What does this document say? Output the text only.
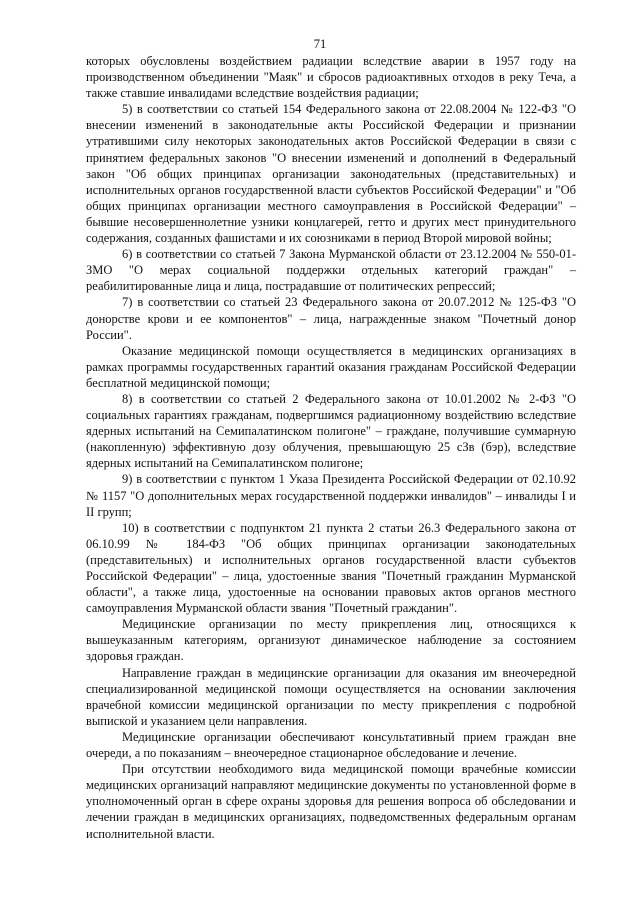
71

которых обусловлены воздействием радиации вследствие аварии в 1957 году на производственном объединении "Маяк" и сбросов радиоактивных отходов в реку Теча, а также ставшие инвалидами вследствие воздействия радиации;

5) в соответствии со статьей 154 Федерального закона от 22.08.2004 № 122-ФЗ "О внесении изменений в законодательные акты Российской Федерации и признании утратившими силу некоторых законодательных актов Российской Федерации в связи с принятием федеральных законов "О внесении изменений и дополнений в Федеральный закон "Об общих принципах организации законодательных (представительных) и исполнительных органов государственной власти субъектов Российской Федерации" и "Об общих принципах организации местного самоуправления в Российской Федерации" – бывшие несовершеннолетние узники концлагерей, гетто и других мест принудительного содержания, созданных фашистами и их союзниками в период Второй мировой войны;

6) в соответствии со статьей 7 Закона Мурманской области от 23.12.2004 № 550-01-ЗМО "О мерах социальной поддержки отдельных категорий граждан" – реабилитированные лица и лица, пострадавшие от политических репрессий;

7) в соответствии со статьей 23 Федерального закона от 20.07.2012 № 125-ФЗ "О донорстве крови и ее компонентов" – лица, награжденные знаком "Почетный донор России".

Оказание медицинской помощи осуществляется в медицинских организациях в рамках программы государственных гарантий оказания гражданам Российской Федерации бесплатной медицинской помощи;

8) в соответствии со статьей 2 Федерального закона от 10.01.2002 № 2-ФЗ "О социальных гарантиях гражданам, подвергшимся радиационному воздействию вследствие ядерных испытаний на Семипалатинском полигоне" – граждане, получившие суммарную (накопленную) эффективную дозу облучения, превышающую 25 сЗв (бэр), вследствие ядерных испытаний на Семипалатинском полигоне;

9) в соответствии с пунктом 1 Указа Президента Российской Федерации от 02.10.92 № 1157 "О дополнительных мерах государственной поддержки инвалидов" – инвалиды I и II групп;

10) в соответствии с подпунктом 21 пункта 2 статьи 26.3 Федерального закона от 06.10.99 № 184-ФЗ "Об общих принципах организации законодательных (представительных) и исполнительных органов государственной власти субъектов Российской Федерации" – лица, удостоенные звания "Почетный гражданин Мурманской области", а также лица, удостоенные на основании правовых актов органов местного самоуправления Мурманской области звания "Почетный гражданин".

Медицинские организации по месту прикрепления лиц, относящихся к вышеуказанным категориям, организуют динамическое наблюдение за состоянием здоровья граждан.

Направление граждан в медицинские организации для оказания им внеочередной специализированной медицинской помощи осуществляется на основании заключения врачебной комиссии медицинской организации по месту прикрепления с подробной выпиской и указанием цели направления.

Медицинские организации обеспечивают консультативный прием граждан вне очереди, а по показаниям – внеочередное стационарное обследование и лечение.

При отсутствии необходимого вида медицинской помощи врачебные комиссии медицинских организаций направляют медицинские документы по установленной форме в уполномоченный орган в сфере охраны здоровья для решения вопроса об обследовании и лечении граждан в медицинских организациях, подведомственных федеральным органам исполнительной власти.
